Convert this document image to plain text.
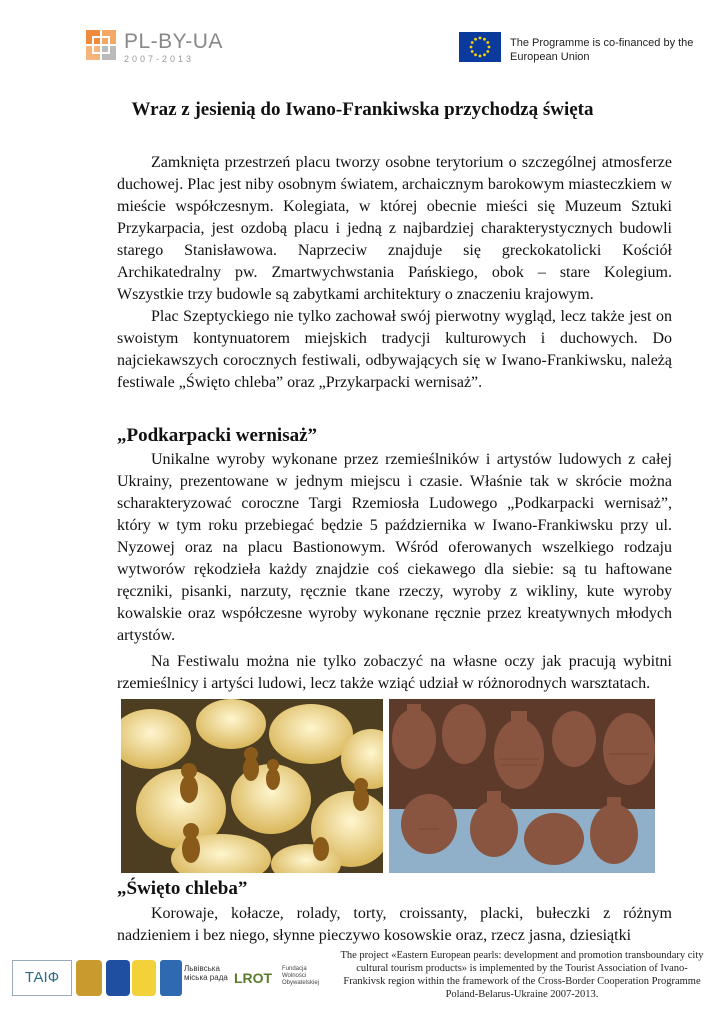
PL-BY-UA
2007-2013
The Programme is co-financed by the
European Union
Wraz z jesienią do Iwano-Frankiwska przychodzą święta
Zamknięta przestrzeń placu tworzy osobne terytorium o szczególnej atmosferze duchowej. Plac jest niby osobnym światem, archaicznym barokowym miasteczkiem w mieście współczesnym. Kolegiata, w której obecnie mieści się Muzeum Sztuki Przykarpacia, jest ozdobą placu i jedną z najbardziej charakterystycznych budowli starego Stanisławowa. Naprzeciw znajduje się greckokatolicki Kościół Archikatedralny pw. Zmartwychwstania Pańskiego, obok – stare Kolegium. Wszystkie trzy budowle są zabytkami architektury o znaczeniu krajowym.
Plac Szeptyckiego nie tylko zachował swój pierwotny wygląd, lecz także jest on swoistym kontynuatorem miejskich tradycji kulturowych i duchowych. Do najciekawszych corocznych festiwali, odbywających się w Iwano-Frankiwsku, należą festiwale „Święto chleba” oraz „Przykarpacki wernisaż”.
„Podkarpacki wernisaż”
Unikalne wyroby wykonane przez rzemieślników i artystów ludowych z całej Ukrainy, prezentowane w jednym miejscu i czasie. Właśnie tak w skrócie można scharakteryzować coroczne Targi Rzemiosła Ludowego „Podkarpacki wernisaż”, który w tym roku przebiegać będzie 5 października w Iwano-Frankiwsku przy ul. Nyzowej oraz na placu Bastionowym. Wśród oferowanych wszelkiego rodzaju wytworów rękodzieła każdy znajdzie coś ciekawego dla siebie: są tu haftowane ręczniki, pisanki, narzuty, ręcznie tkane rzeczy, wyroby z wikliny, kute wyroby kowalskie oraz współczesne wyroby wykonane ręcznie przez kreatywnych młodych artystów.
Na Festiwalu można nie tylko zobaczyć na własne oczy jak pracują wybitni rzemieślnicy i artyści ludowi, lecz także wziąć udział w różnorodnych warsztatach.
„Święto chleba”
Korowaje, kołacze, rolady, torty, croissanty, placki, bułeczki z różnym nadzieniem i bez niego, słynne pieczywo kosowskie oraz, rzecz jasna, dziesiątki
ТАІФ
Львівська міська рада LROT
Fundacja Wolności Obywatelskiej
The project «Eastern European pearls: development and promotion transboundary city cultural tourism products» is implemented by the Tourist Association of Ivano-Frankivsk region within the framework of the Cross-Border Cooperation Programme Poland-Belarus-Ukraine 2007-2013.
